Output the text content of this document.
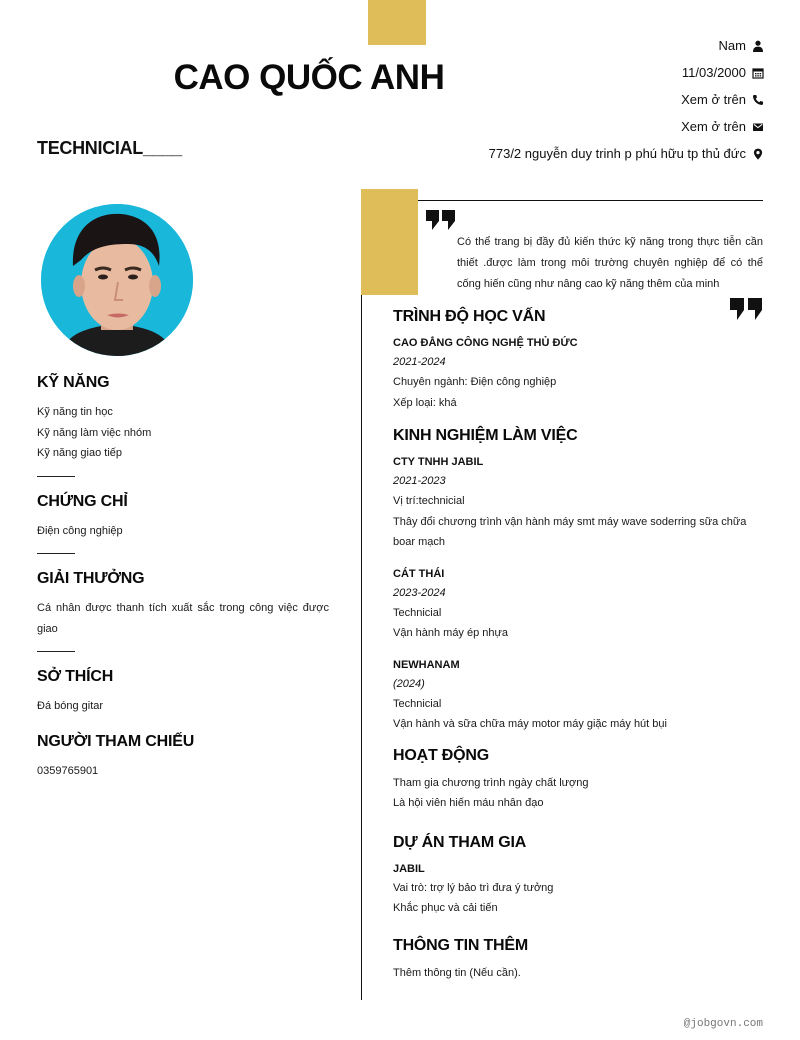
CAO QUỐC ANH
TECHNICIAL____
Nam
11/03/2000
Xem ở trên
Xem ở trên
773/2 nguyễn duy trinh p phú hữu tp thủ đức
KỸ NĂNG
Kỹ năng tin học
Kỹ năng làm việc nhóm
Kỹ năng giao tiếp
CHỨNG CHỈ
Điện công nghiệp
GIẢI THƯỞNG
Cá nhân được thanh tích xuất sắc trong công việc được giao
SỞ THÍCH
Đá bóng gitar
NGƯỜI THAM CHIẾU
0359765901
Có thể trang bị đầy đủ kiến thức kỹ năng trong thực tiễn cần thiết .được làm trong môi trường chuyên nghiệp để có thể cống hiến cũng như nâng cao kỹ năng thêm của minh
TRÌNH ĐỘ HỌC VẤN
CAO ĐẲNG CÔNG NGHỆ THỦ ĐỨC
2021-2024
Chuyên ngành: Điện công nghiệp
Xếp loại: khá
KINH NGHIỆM LÀM VIỆC
CTY TNHH JABIL
2021-2023
Vị trí:technicial
Thây đổi chương trình vận hành máy smt máy wave soderring sữa chữa boar mạch
CÁT THÁI
2023-2024
Technicial
Vận hành máy ép nhựa
NEWHANAM
(2024)
Technicial
Vận hành và sữa chữa máy motor máy giặc máy hút bụi
HOẠT ĐỘNG
Tham gia chương trình ngày chất lượng
Là hội viên hiến máu nhân đạo
DỰ ÁN THAM GIA
JABIL
Vai trò: trợ lý bảo trì đưa ý tưởng
Khắc phục và cải tiến
THÔNG TIN THÊM
Thêm thông tin (Nếu cần).
@jobgovn.com
